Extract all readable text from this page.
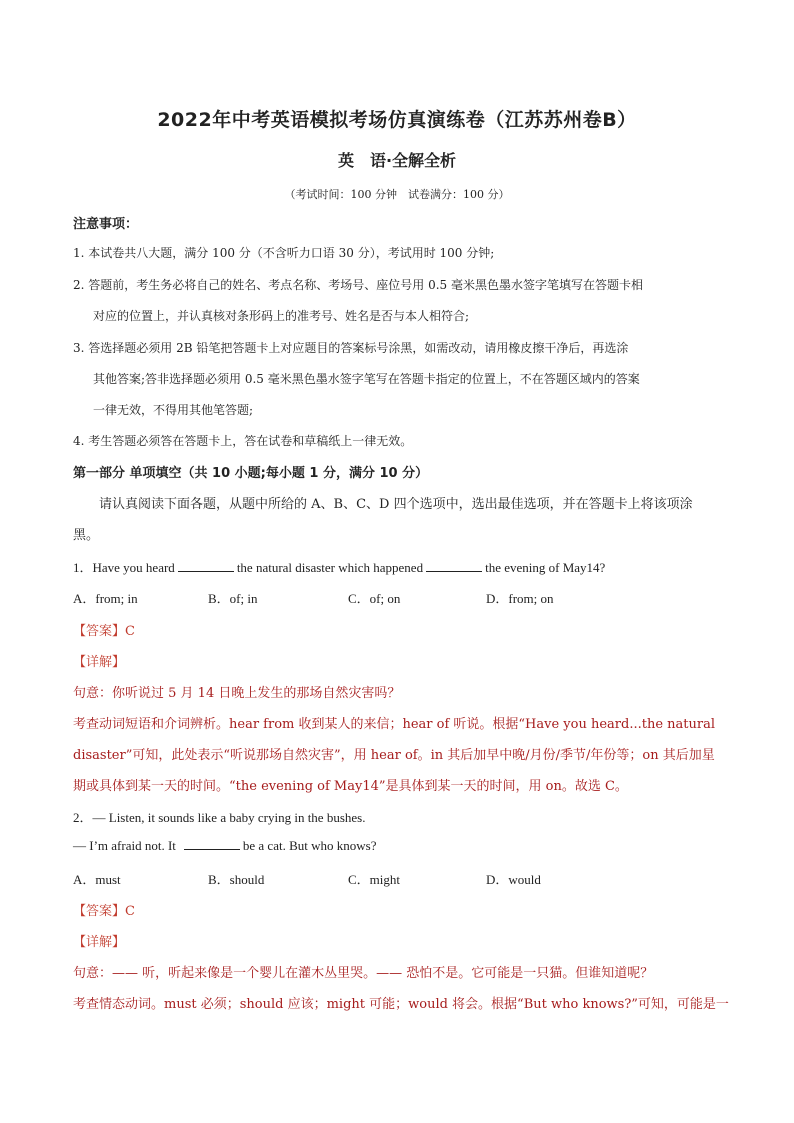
2022年中考英语模拟考场仿真演练卷（江苏苏州卷B）
英　语·全解全析
（考试时间：100 分钟　试卷满分：100 分）
注意事项：
1. 本试卷共八大题，满分 100 分（不含听力口语 30 分），考试用时 100 分钟;
2. 答题前，考生务必将自己的姓名、考点名称、考场号、座位号用 0.5 毫米黑色墨水签字笔填写在答题卡相
对应的位置上，并认真核对条形码上的准考号、姓名是否与本人相符合;
3. 答选择题必须用 2B 铅笔把答题卡上对应题目的答案标号涂黑，如需改动，请用橡皮擦干净后，再选涂
其他答案;答非选择题必须用 0.5 毫米黑色墨水签字笔写在答题卡指定的位置上，不在答题区域内的答案
一律无效，不得用其他笔答题;
4. 考生答题必须答在答题卡上，答在试卷和草稿纸上一律无效。
第一部分 单项填空（共 10 小题;每小题 1 分，满分 10 分）
请认真阅读下面各题，从题中所给的 A、B、C、D 四个选项中，选出最佳选项，并在答题卡上将该项涂
黑。
1．Have you heard	the natural disaster which happened	the evening of May14?
A．from; in	B．of; in	C．of; on	D．from; on
【答案】C
【详解】
句意：你听说过 5 月 14 日晚上发生的那场自然灾害吗？
考查动词短语和介词辨析。hear from 收到某人的来信；hear of 听说。根据“Have you heard...the natural
disaster”可知，此处表示“听说那场自然灾害”，用 hear of。in 其后加早中晚/月份/季节/年份等；on 其后加星
期或具体到某一天的时间。“the evening of May14”是具体到某一天的时间，用 on。故选 C。
2．— Listen, it sounds like a baby crying in the bushes.
— I’m afraid not. It	be a cat. But who knows?
A．must	B．should	C．might	D．would
【答案】C
【详解】
句意：—— 听，听起来像是一个婴儿在灌木丛里哭。—— 恐怕不是。它可能是一只猫。但谁知道呢？
考查情态动词。must 必须；should 应该；might 可能；would 将会。根据“But who knows?”可知，可能是一
